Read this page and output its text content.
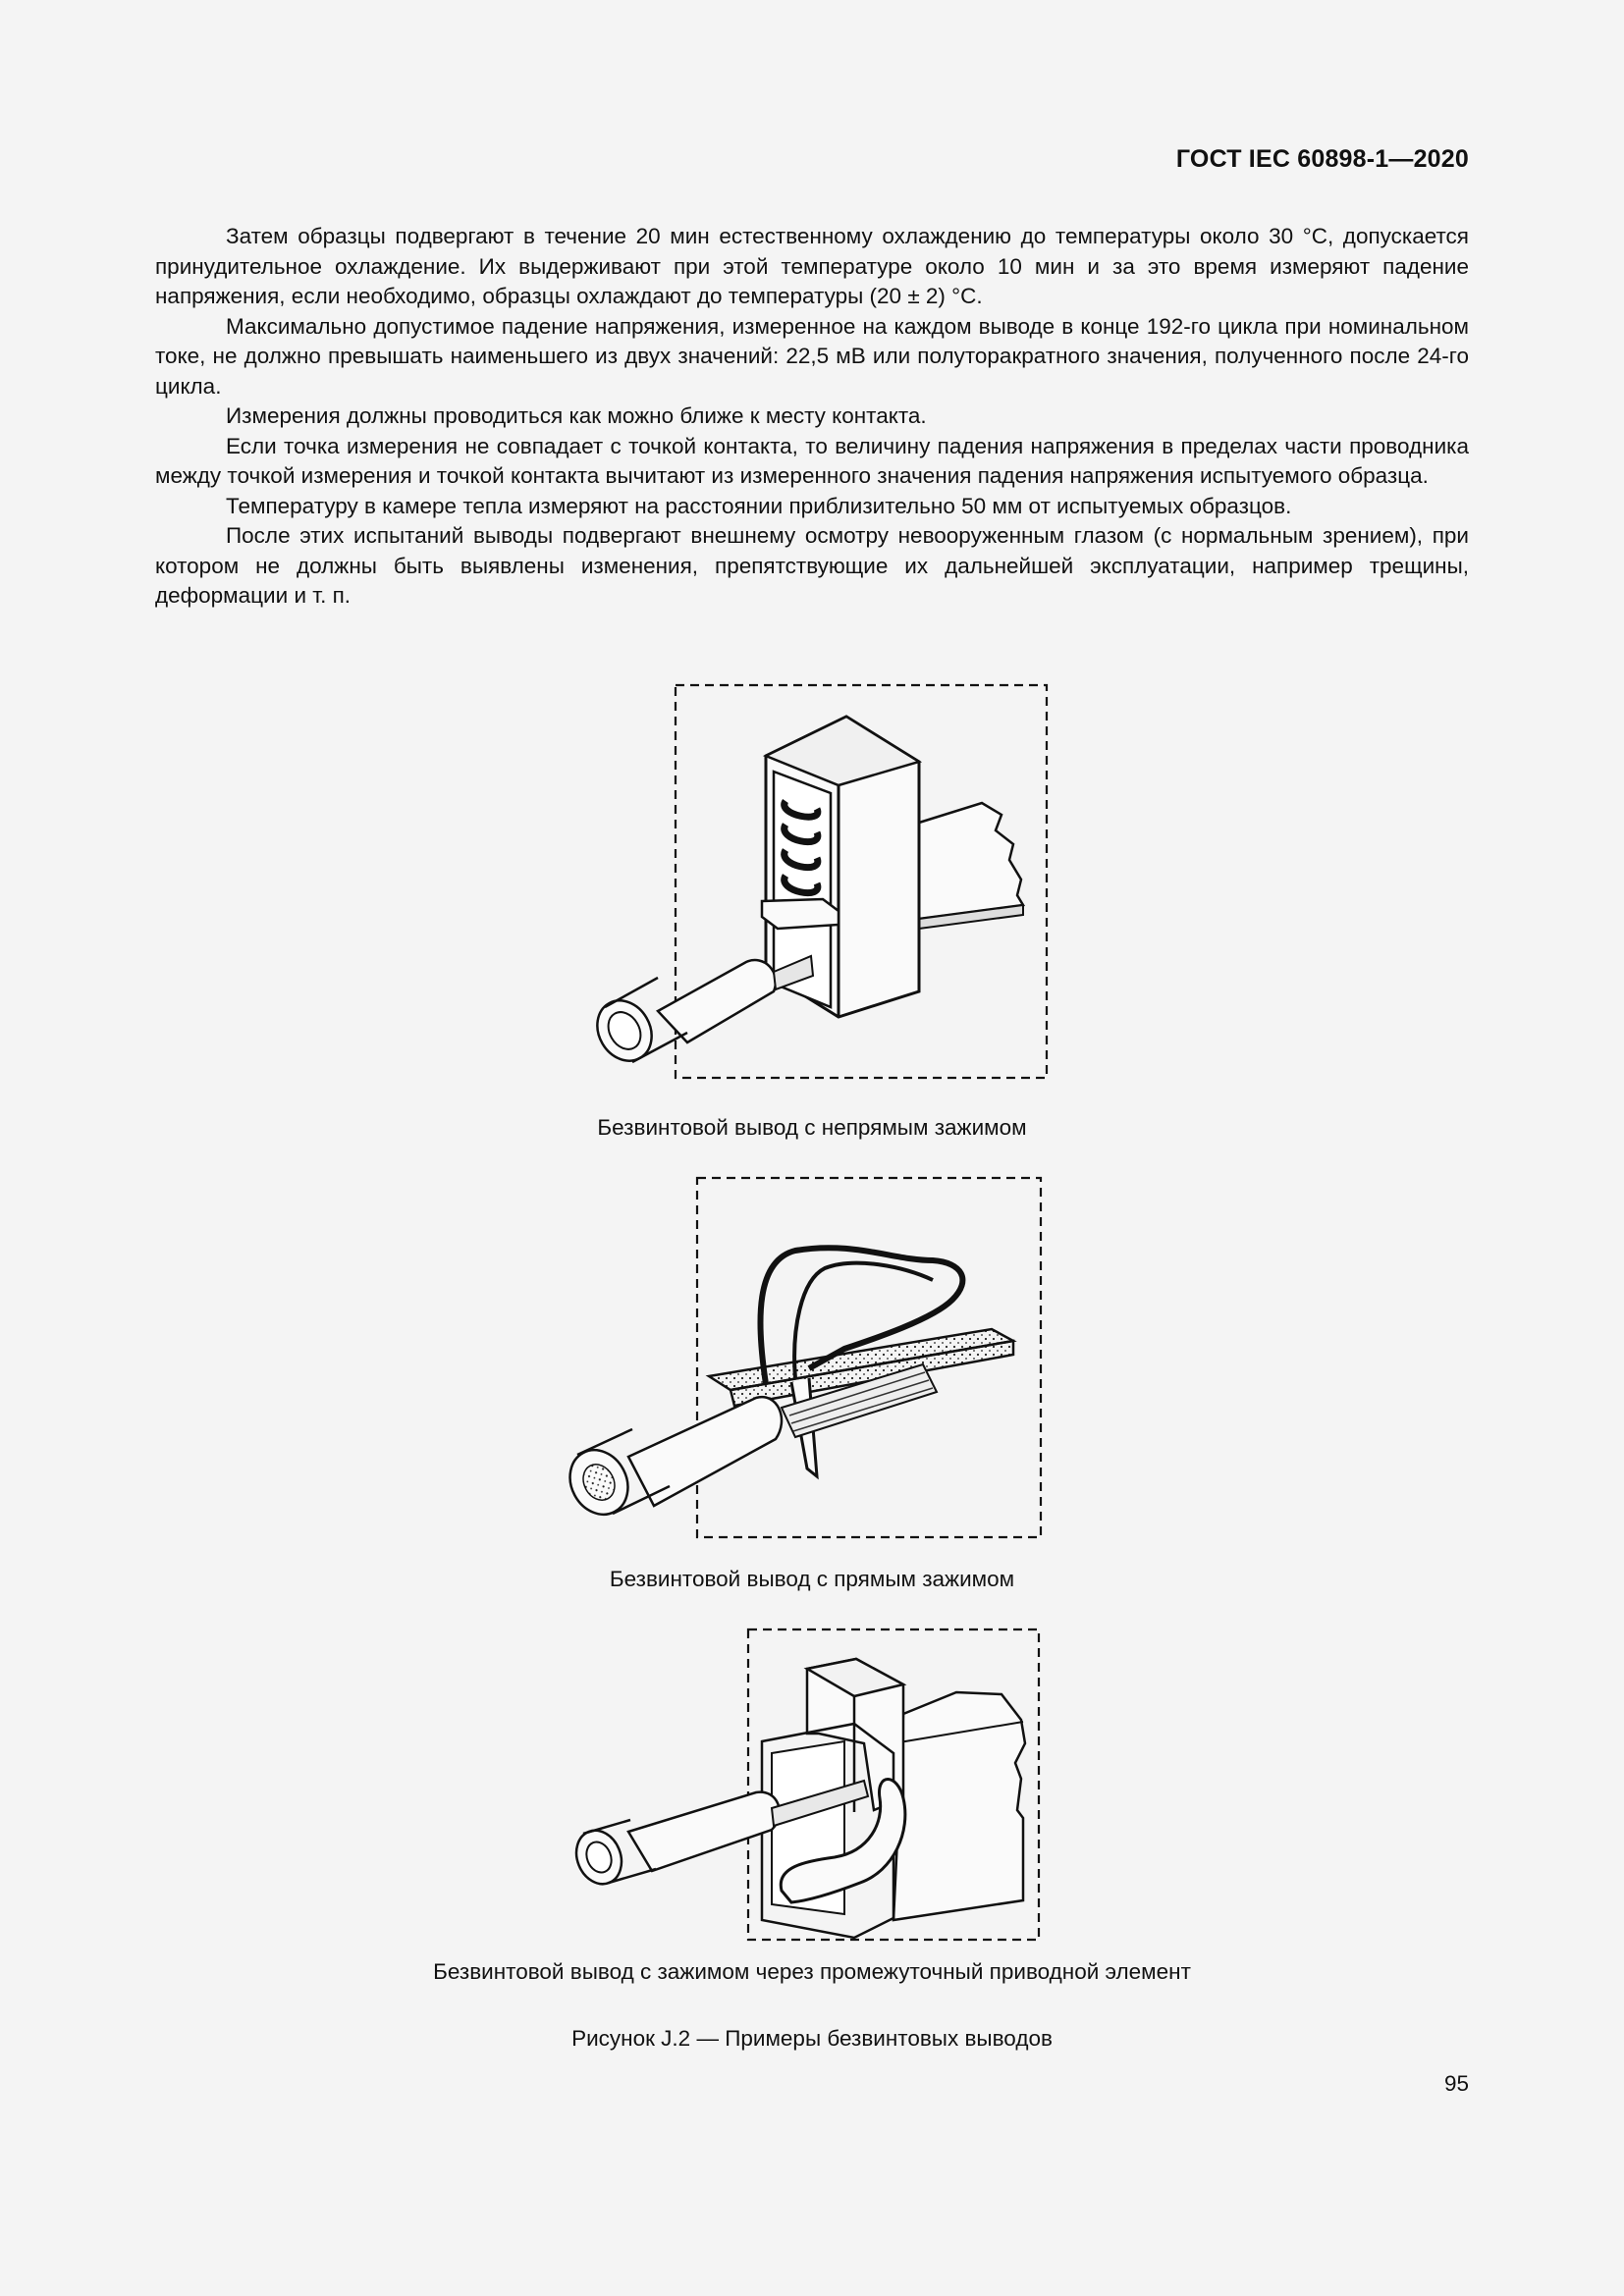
ГОСТ IEC 60898-1—2020

Затем образцы подвергают в течение 20 мин естественному охлаждению до температуры около 30 °C, допускается принудительное охлаждение. Их выдерживают при этой температуре около 10 мин и за это время измеряют падение напряжения, если необходимо, образцы охлаждают до температуры (20 ± 2) °C.

Максимально допустимое падение напряжения, измеренное на каждом выводе в конце 192-го цикла при номинальном токе, не должно превышать наименьшего из двух значений: 22,5 мВ или полуторакратного значения, полученного после 24-го цикла.

Измерения должны проводиться как можно ближе к месту контакта.

Если точка измерения не совпадает с точкой контакта, то величину падения напряжения в пределах части проводника между точкой измерения и точкой контакта вычитают из измеренного значения падения напряжения испытуемого образца.

Температуру в камере тепла измеряют на расстоянии приблизительно 50 мм от испытуемых образцов.

После этих испытаний выводы подвергают внешнему осмотру невооруженным глазом (с нормальным зрением), при котором не должны быть выявлены изменения, препятствующие их дальнейшей эксплуатации, например трещины, деформации и т. п.

Безвинтовой вывод с непрямым зажимом
Безвинтовой вывод с прямым зажимом
Безвинтовой вывод с зажимом через промежуточный приводной элемент
Рисунок J.2 — Примеры безвинтовых выводов
95
